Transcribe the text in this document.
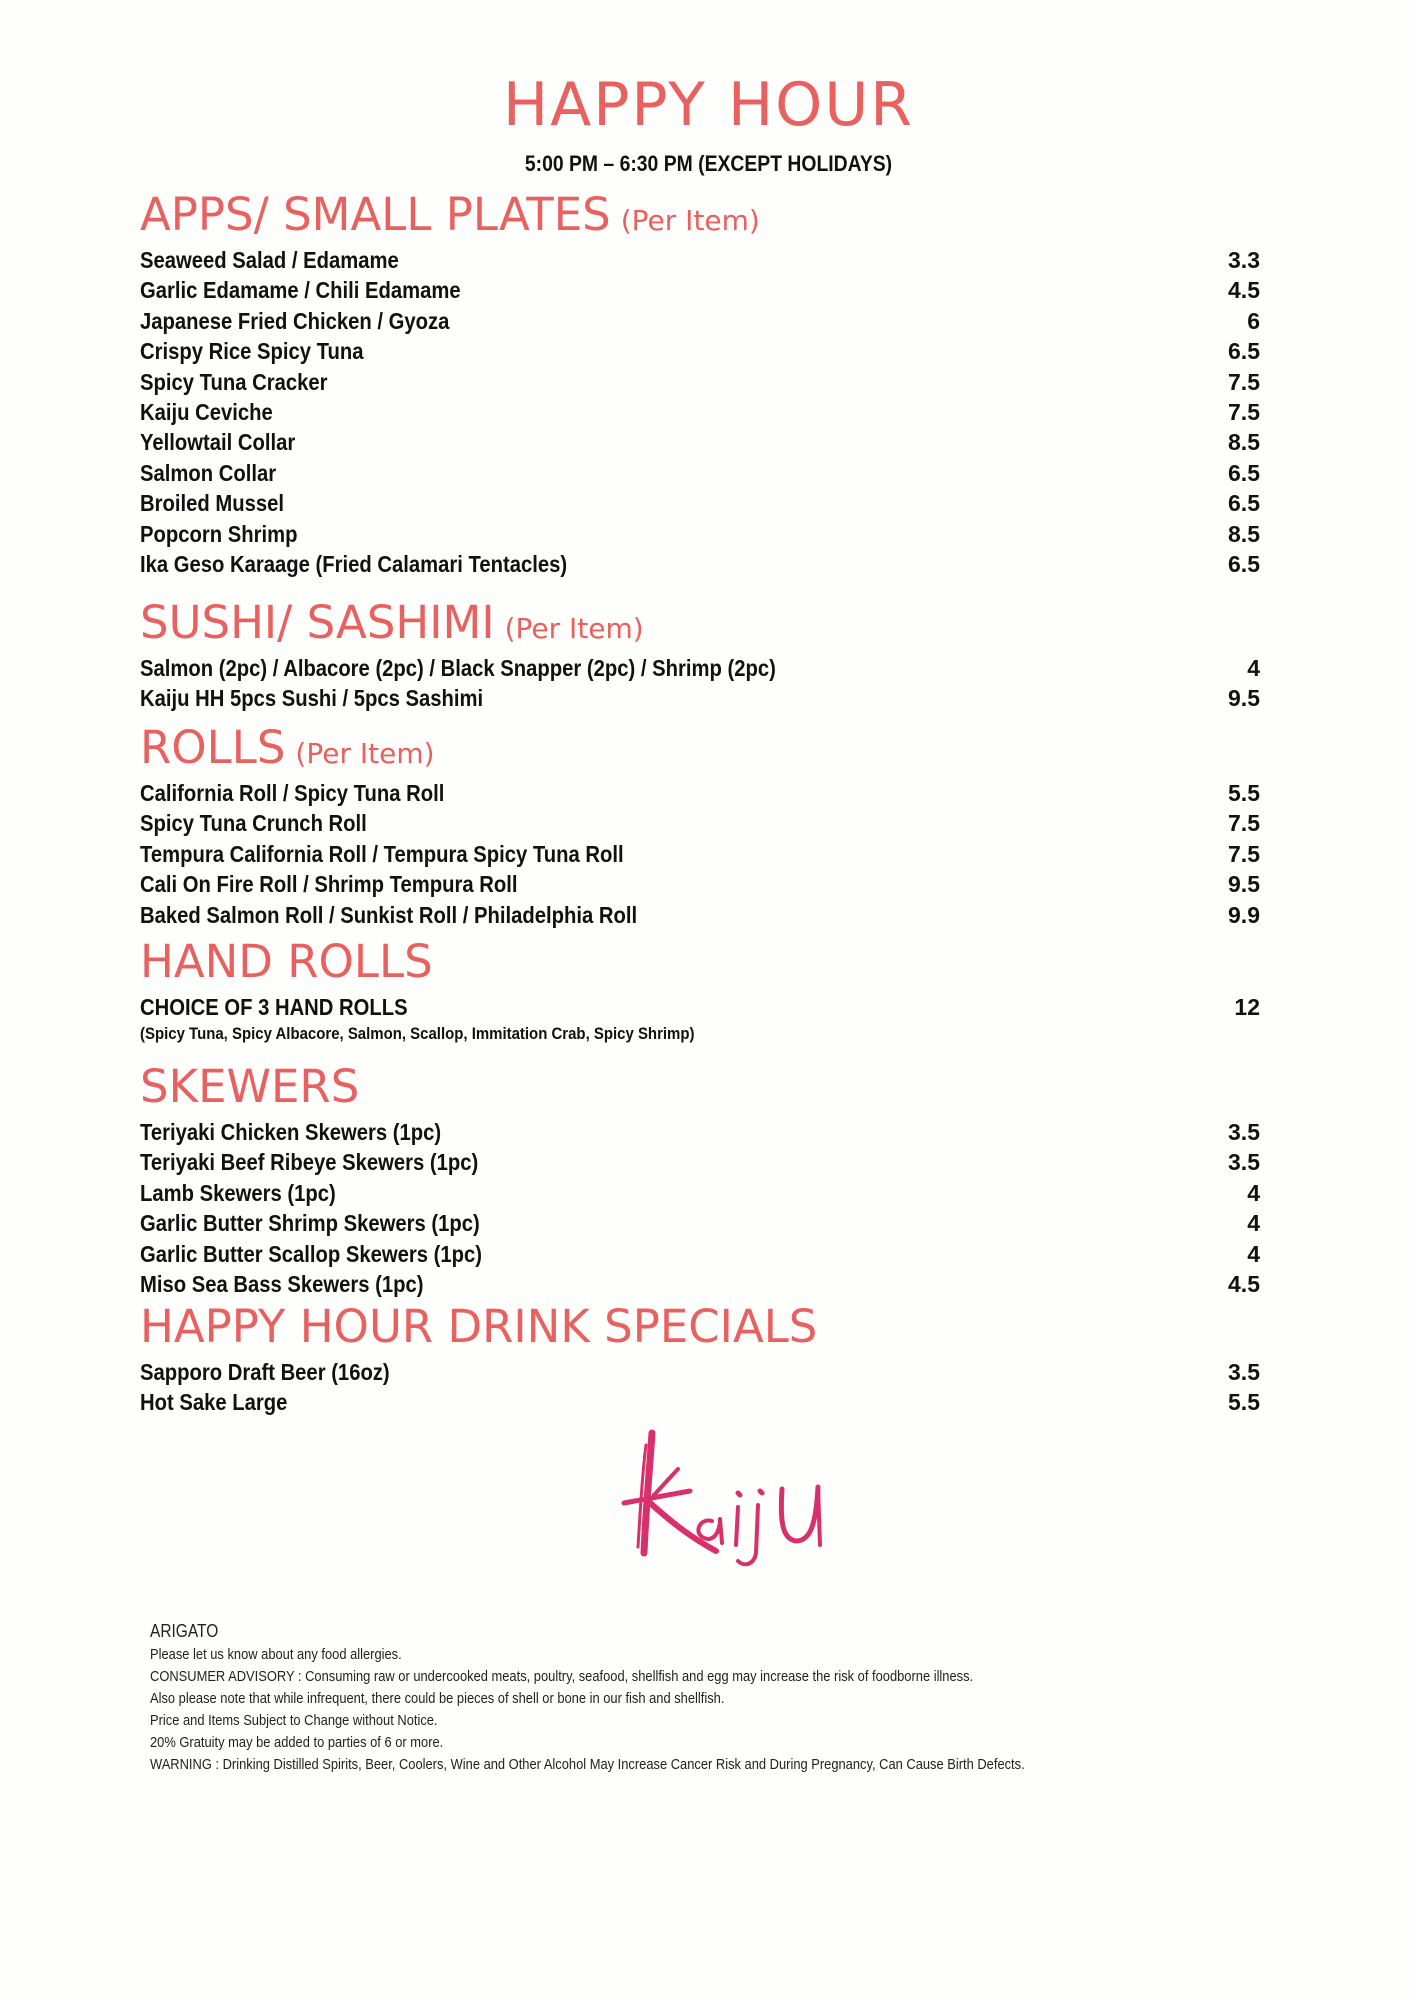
HAPPY HOUR
5:00 PM – 6:30 PM (EXCEPT HOLIDAYS)
APPS/ SMALL PLATES (Per Item)
Seaweed Salad / Edamame	3.3
Garlic Edamame / Chili Edamame	4.5
Japanese Fried Chicken / Gyoza	6
Crispy Rice Spicy Tuna	6.5
Spicy Tuna Cracker	7.5
Kaiju Ceviche	7.5
Yellowtail Collar	8.5
Salmon Collar	6.5
Broiled Mussel	6.5
Popcorn Shrimp	8.5
Ika Geso Karaage (Fried Calamari Tentacles)	6.5
SUSHI/ SASHIMI (Per Item)
Salmon (2pc) / Albacore (2pc) / Black Snapper (2pc) / Shrimp (2pc)	4
Kaiju HH 5pcs Sushi / 5pcs Sashimi	9.5
ROLLS (Per Item)
California Roll / Spicy Tuna Roll	5.5
Spicy Tuna Crunch Roll	7.5
Tempura California Roll / Tempura Spicy Tuna Roll	7.5
Cali On Fire Roll / Shrimp Tempura Roll	9.5
Baked Salmon Roll / Sunkist Roll / Philadelphia Roll	9.9
HAND ROLLS
CHOICE OF 3 HAND ROLLS	12
(Spicy Tuna, Spicy Albacore, Salmon, Scallop, Immitation Crab, Spicy Shrimp)
SKEWERS
Teriyaki Chicken Skewers (1pc)	3.5
Teriyaki Beef Ribeye Skewers (1pc)	3.5
Lamb Skewers (1pc)	4
Garlic Butter Shrimp Skewers (1pc)	4
Garlic Butter Scallop Skewers (1pc)	4
Miso Sea Bass Skewers (1pc)	4.5
HAPPY HOUR DRINK SPECIALS
Sapporo Draft Beer (16oz)	3.5
Hot Sake Large	5.5
ARIGATO
Please let us know about any food allergies.
CONSUMER ADVISORY : Consuming raw or undercooked meats, poultry, seafood, shellfish and egg may increase the risk of foodborne illness.
Also please note that while infrequent, there could be pieces of shell or bone in our fish and shellfish.
Price and Items Subject to Change without Notice.
20% Gratuity may be added to parties of 6 or more.
WARNING : Drinking Distilled Spirits, Beer, Coolers, Wine and Other Alcohol May Increase Cancer Risk and During Pregnancy, Can Cause Birth Defects.
